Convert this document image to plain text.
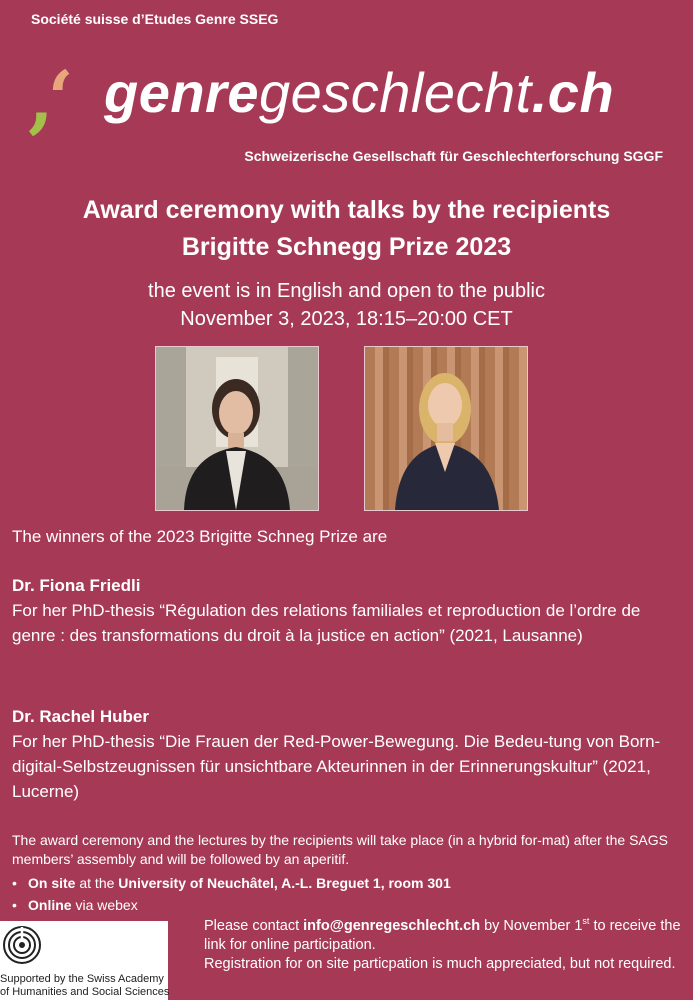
Société suisse d’Etudes Genre SSEG
,‘ genregeschlecht.ch
Schweizerische Gesellschaft für Geschlechterforschung SGGF
Award ceremony with talks by the recipients
Brigitte Schnegg Prize 2023
the event is in English and open to the public
November 3, 2023, 18:15–20:00 CET
The winners of the 2023 Brigitte Schneg Prize are
Dr. Fiona Friedli
For her PhD-thesis “Régulation des relations familiales et reproduction de l’ordre de genre : des transformations du droit à la justice en action” (2021, Lausanne)
Dr. Rachel Huber
For her PhD-thesis “Die Frauen der Red-Power-Bewegung. Die Bedeu-tung von Born-digital-Selbstzeugnissen für unsichtbare Akteurinnen in der Erinnerungskultur” (2021, Lucerne)
The award ceremony and the lectures by the recipients will take place (in a hybrid for-mat) after the SAGS members’ assembly and will be followed by an aperitif.
• On site at the University of Neuchâtel, A.-L. Breguet 1, room 301
• Online via webex
Supported by the Swiss Academy
of Humanities and Social Sciences
Please contact info@genregeschlecht.ch by November 1st to receive the link for online participation.
Registration for on site particpation is much appreciated, but not required.
